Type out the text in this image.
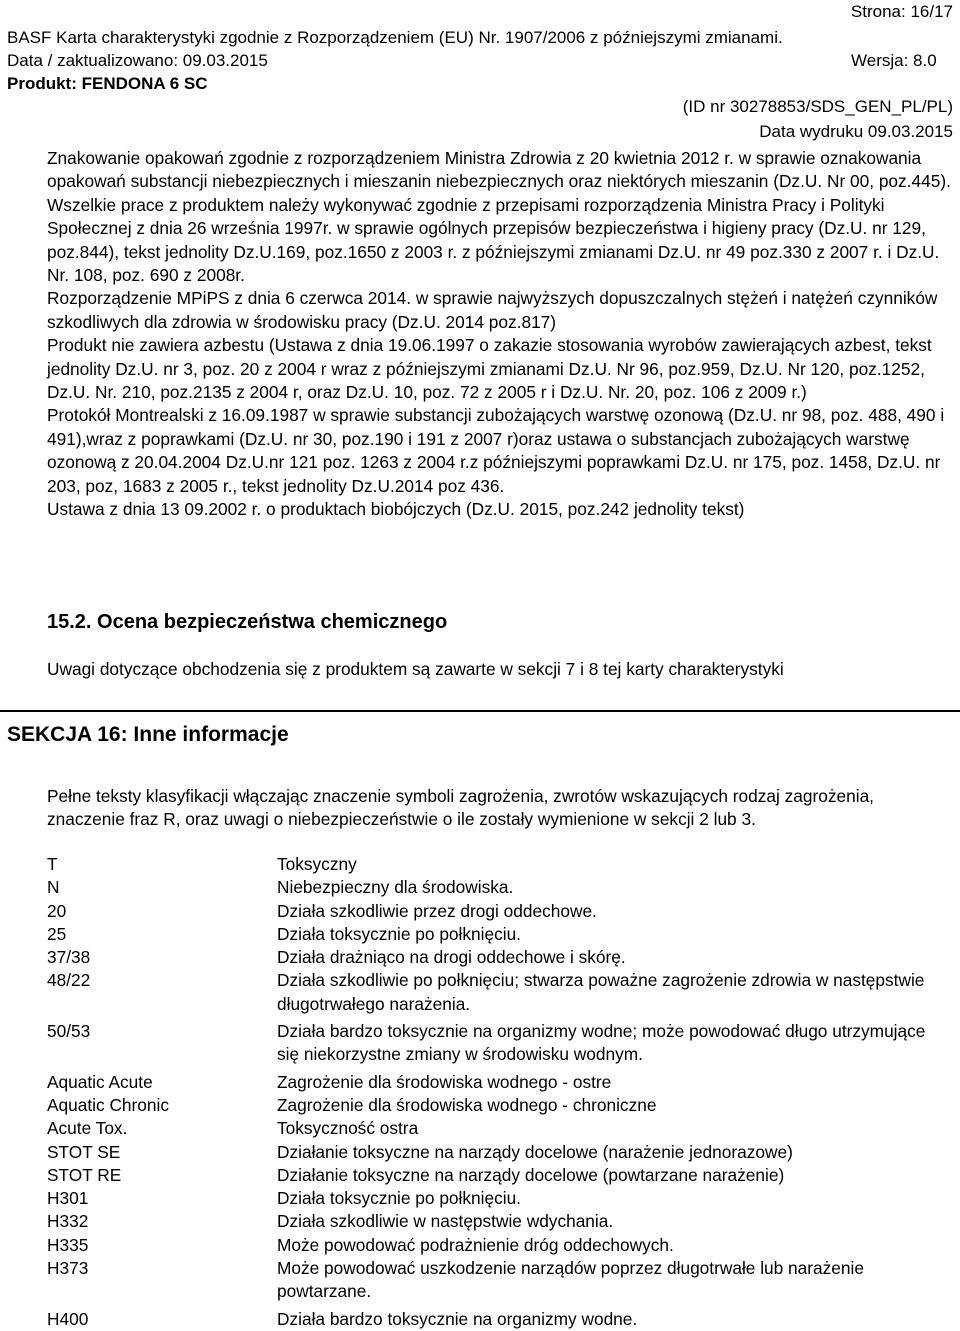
Strona: 16/17
BASF Karta charakterystyki zgodnie z Rozporządzeniem (EU) Nr. 1907/2006 z późniejszymi zmianami.
Data / zaktualizowano: 09.03.2015	Wersja: 8.0
Produkt: FENDONA 6 SC
(ID nr 30278853/SDS_GEN_PL/PL)
Data wydruku 09.03.2015

Znakowanie opakowań zgodnie z rozporządzeniem Ministra Zdrowia z 20 kwietnia 2012 r. w sprawie oznakowania opakowań substancji niebezpiecznych i mieszanin niebezpiecznych oraz niektórych mieszanin (Dz.U. Nr 00, poz.445).

Wszelkie prace z produktem należy wykonywać zgodnie z przepisami rozporządzenia Ministra Pracy i Polityki Społecznej z dnia 26 września 1997r. w sprawie ogólnych przepisów bezpieczeństwa i higieny pracy (Dz.U. nr 129, poz.844), tekst jednolity Dz.U.169, poz.1650 z 2003 r. z późniejszymi zmianami Dz.U. nr 49 poz.330 z 2007 r. i Dz.U. Nr. 108, poz. 690 z 2008r.

Rozporządzenie MPiPS z dnia 6 czerwca 2014. w sprawie najwyższych dopuszczalnych stężeń i natężeń czynników szkodliwych dla zdrowia w środowisku pracy (Dz.U. 2014 poz.817)

Produkt nie zawiera azbestu (Ustawa z dnia 19.06.1997 o zakazie stosowania wyrobów zawierających azbest, tekst jednolity Dz.U. nr 3, poz. 20 z 2004 r wraz z późniejszymi zmianami Dz.U. Nr 96, poz.959, Dz.U. Nr 120, poz.1252, Dz.U. Nr. 210, poz.2135 z 2004 r, oraz Dz.U. 10, poz. 72 z 2005 r i Dz.U. Nr. 20, poz. 106 z 2009 r.)

Protokół Montrealski z 16.09.1987 w sprawie substancji zubożających warstwę ozonową (Dz.U. nr 98, poz. 488, 490 i 491),wraz z poprawkami (Dz.U. nr 30, poz.190 i 191 z 2007 r)oraz ustawa o substancjach zubożających warstwę ozonową z 20.04.2004 Dz.U.nr 121 poz. 1263 z 2004 r.z późniejszymi poprawkami Dz.U. nr 175, poz. 1458, Dz.U. nr 203, poz, 1683 z 2005 r., tekst jednolity Dz.U.2014 poz 436.

Ustawa z dnia 13 09.2002 r. o produktach biobójczych (Dz.U. 2015, poz.242 jednolity tekst)

15.2. Ocena bezpieczeństwa chemicznego
Uwagi dotyczące obchodzenia się z produktem są zawarte w sekcji 7 i 8 tej karty charakterystyki
SEKCJA 16: Inne informacje
Pełne teksty klasyfikacji włączając znaczenie symboli zagrożenia, zwrotów wskazujących rodzaj zagrożenia, znaczenie fraz R, oraz uwagi o niebezpieczeństwie o ile zostały wymienione w sekcji 2 lub 3.
T	Toksyczny
N	Niebezpieczny dla środowiska.
20	Działa szkodliwie przez drogi oddechowe.
25	Działa toksycznie po połknięciu.
37/38	Działa drażniąco na drogi oddechowe i skórę.
48/22	Działa szkodliwie po połknięciu; stwarza poważne zagrożenie zdrowia w następstwie długotrwałego narażenia.
50/53	Działa bardzo toksycznie na organizmy wodne; może powodować długo utrzymujące się niekorzystne zmiany w środowisku wodnym.
Aquatic Acute	Zagrożenie dla środowiska wodnego - ostre
Aquatic Chronic	Zagrożenie dla środowiska wodnego - chroniczne
Acute Tox.	Toksyczność ostra
STOT SE	Działanie toksyczne na narządy docelowe (narażenie jednorazowe)
STOT RE	Działanie toksyczne na narządy docelowe (powtarzane narażenie)
H301	Działa toksycznie po połknięciu.
H332	Działa szkodliwie w następstwie wdychania.
H335	Może powodować podrażnienie dróg oddechowych.
H373	Może powodować uszkodzenie narządów poprzez długotrwałe lub narażenie powtarzane.
H400	Działa bardzo toksycznie na organizmy wodne.
